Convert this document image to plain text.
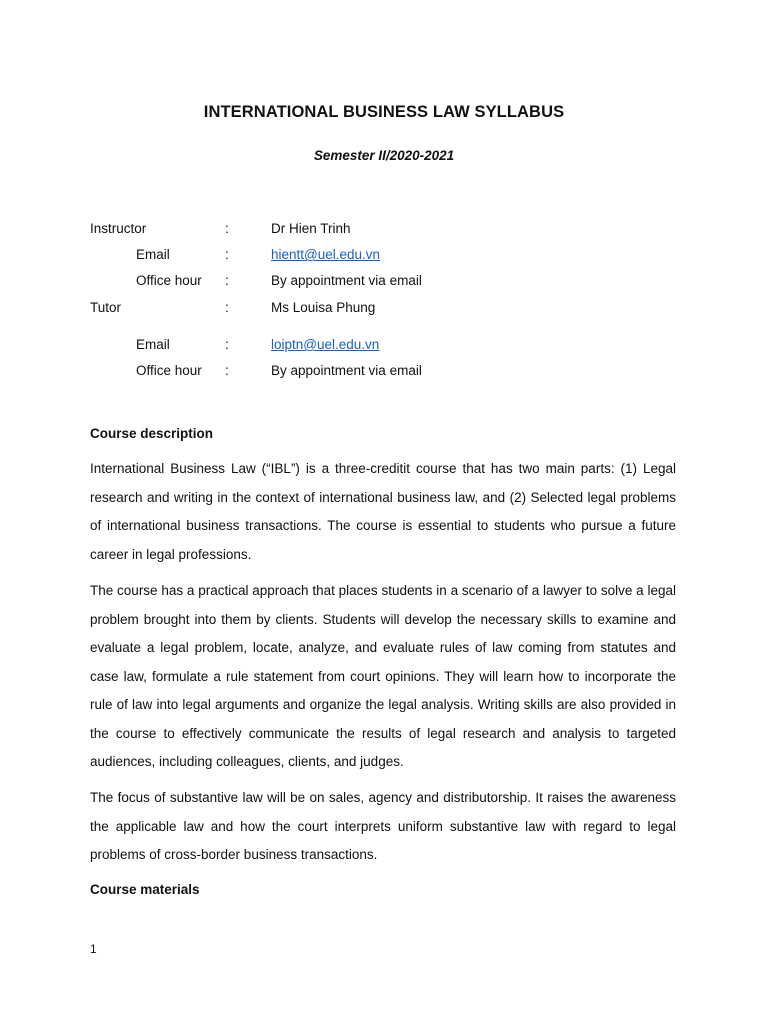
INTERNATIONAL BUSINESS LAW SYLLABUS
Semester II/2020-2021
Instructor	:	Dr Hien Trinh
Email	:	hientt@uel.edu.vn
Office hour :	By appointment via email
Tutor	:	Ms Louisa Phung
Email	:	loiptn@uel.edu.vn
Office hour :	By appointment via email
Course description

International Business Law (“IBL”) is a three-creditit course that has two main parts: (1) Legal research and writing in the context of international business law, and (2) Selected legal problems of international business transactions. The course is essential to students who pursue a future career in legal professions.

The course has a practical approach that places students in a scenario of a lawyer to solve a legal problem brought into them by clients. Students will develop the necessary skills to examine and evaluate a legal problem, locate, analyze, and evaluate rules of law coming from statutes and case law, formulate a rule statement from court opinions. They will learn how to incorporate the rule of law into legal arguments and organize the legal analysis. Writing skills are also provided in the course to effectively communicate the results of legal research and analysis to targeted audiences, including colleagues, clients, and judges.

The focus of substantive law will be on sales, agency and distributorship. It raises the awareness the applicable law and how the court interprets uniform substantive law with regard to legal problems of cross-border business transactions.

Course materials
1
